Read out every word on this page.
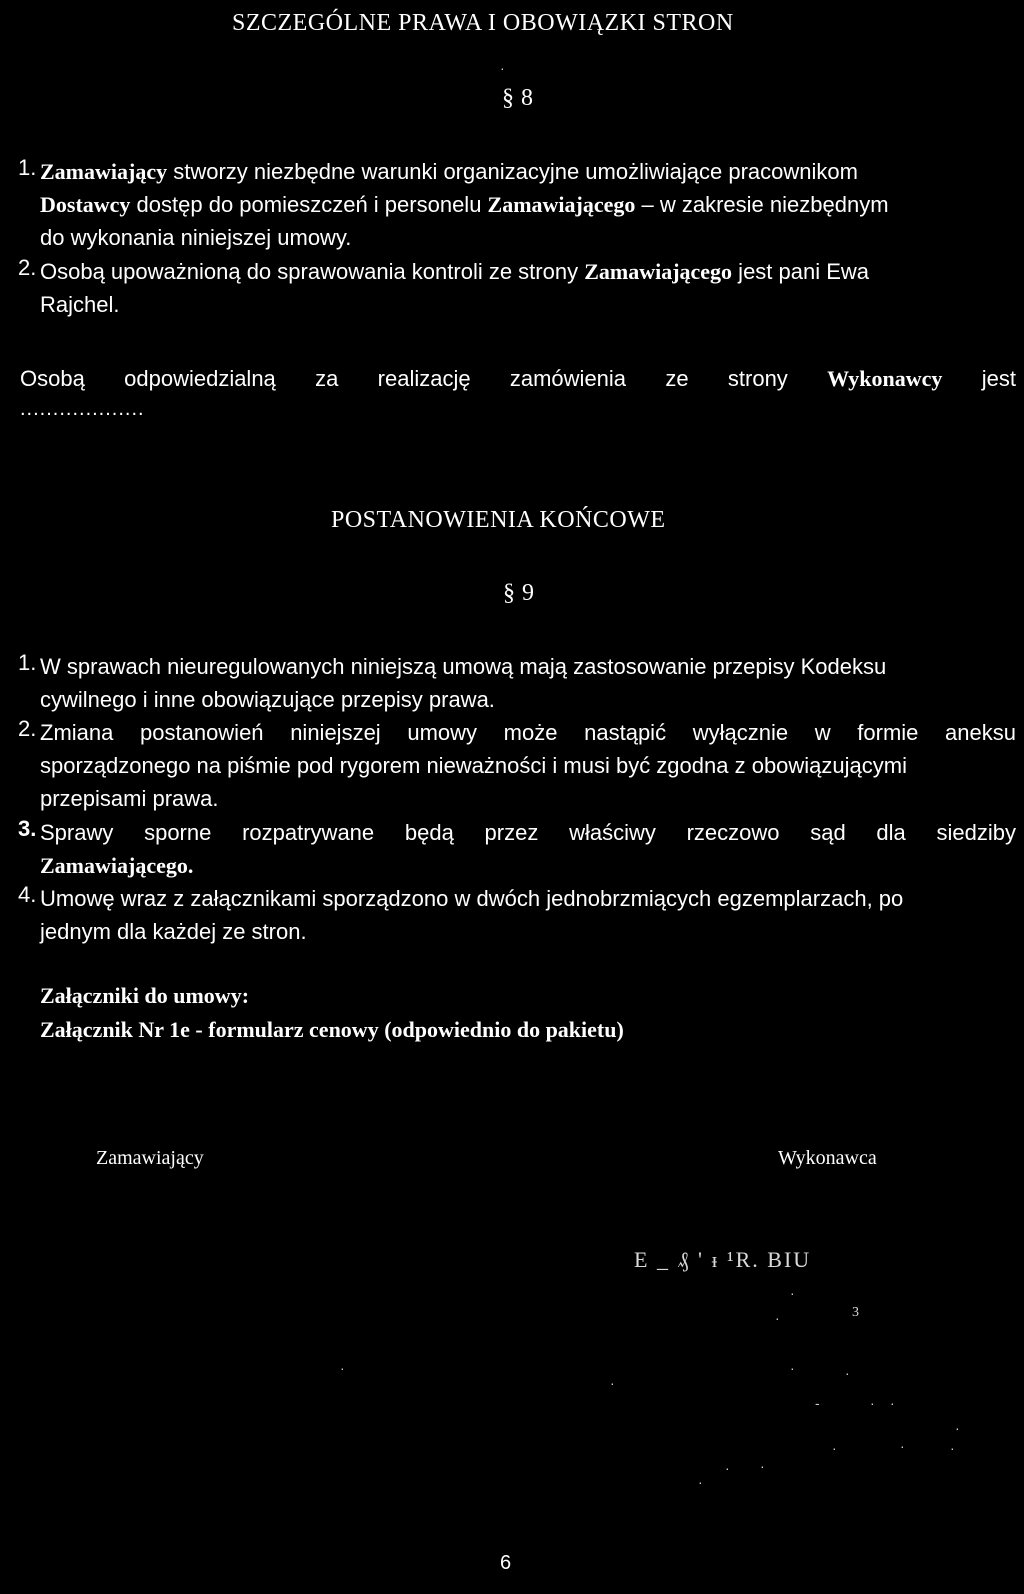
SZCZEGÓLNE PRAWA I OBOWIĄZKI STRON
§ 8
1. Zamawiający stworzy niezbędne warunki organizacyjne umożliwiające pracownikom
Dostawcy dostęp do pomieszczeń i personelu Zamawiającego – w zakresie niezbędnym
do wykonania niniejszej umowy.
2. Osobą upoważnioną do sprawowania kontroli ze strony Zamawiającego jest pani Ewa
Rajchel.
Osobą odpowiedzialną za realizację zamówienia ze strony Wykonawcy jest
...................
POSTANOWIENIA KOŃCOWE
§ 9
1. W sprawach nieuregulowanych niniejszą umową mają zastosowanie przepisy Kodeksu
cywilnego i inne obowiązujące przepisy prawa.
2. Zmiana postanowień niniejszej umowy może nastąpić wyłącznie w formie aneksu
sporządzonego na piśmie pod rygorem nieważności i musi być zgodna z obowiązującymi
przepisami prawa.
3. Sprawy sporne rozpatrywane będą przez właściwy rzeczowo sąd dla siedziby
Zamawiającego.
4. Umowę wraz z załącznikami sporządzono w dwóch jednobrzmiących egzemplarzach, po
jednym dla każdej ze stron.
Załączniki do umowy:
Załącznik Nr 1e - formularz cenowy (odpowiednio do pakietu)
Zamawiający	Wykonawca
E _ ₰ ' ᵻ ¹R. BIU
3
·
·
·
·
·
·	·
-	· ·
·
·	·	·
· ·
·
6
